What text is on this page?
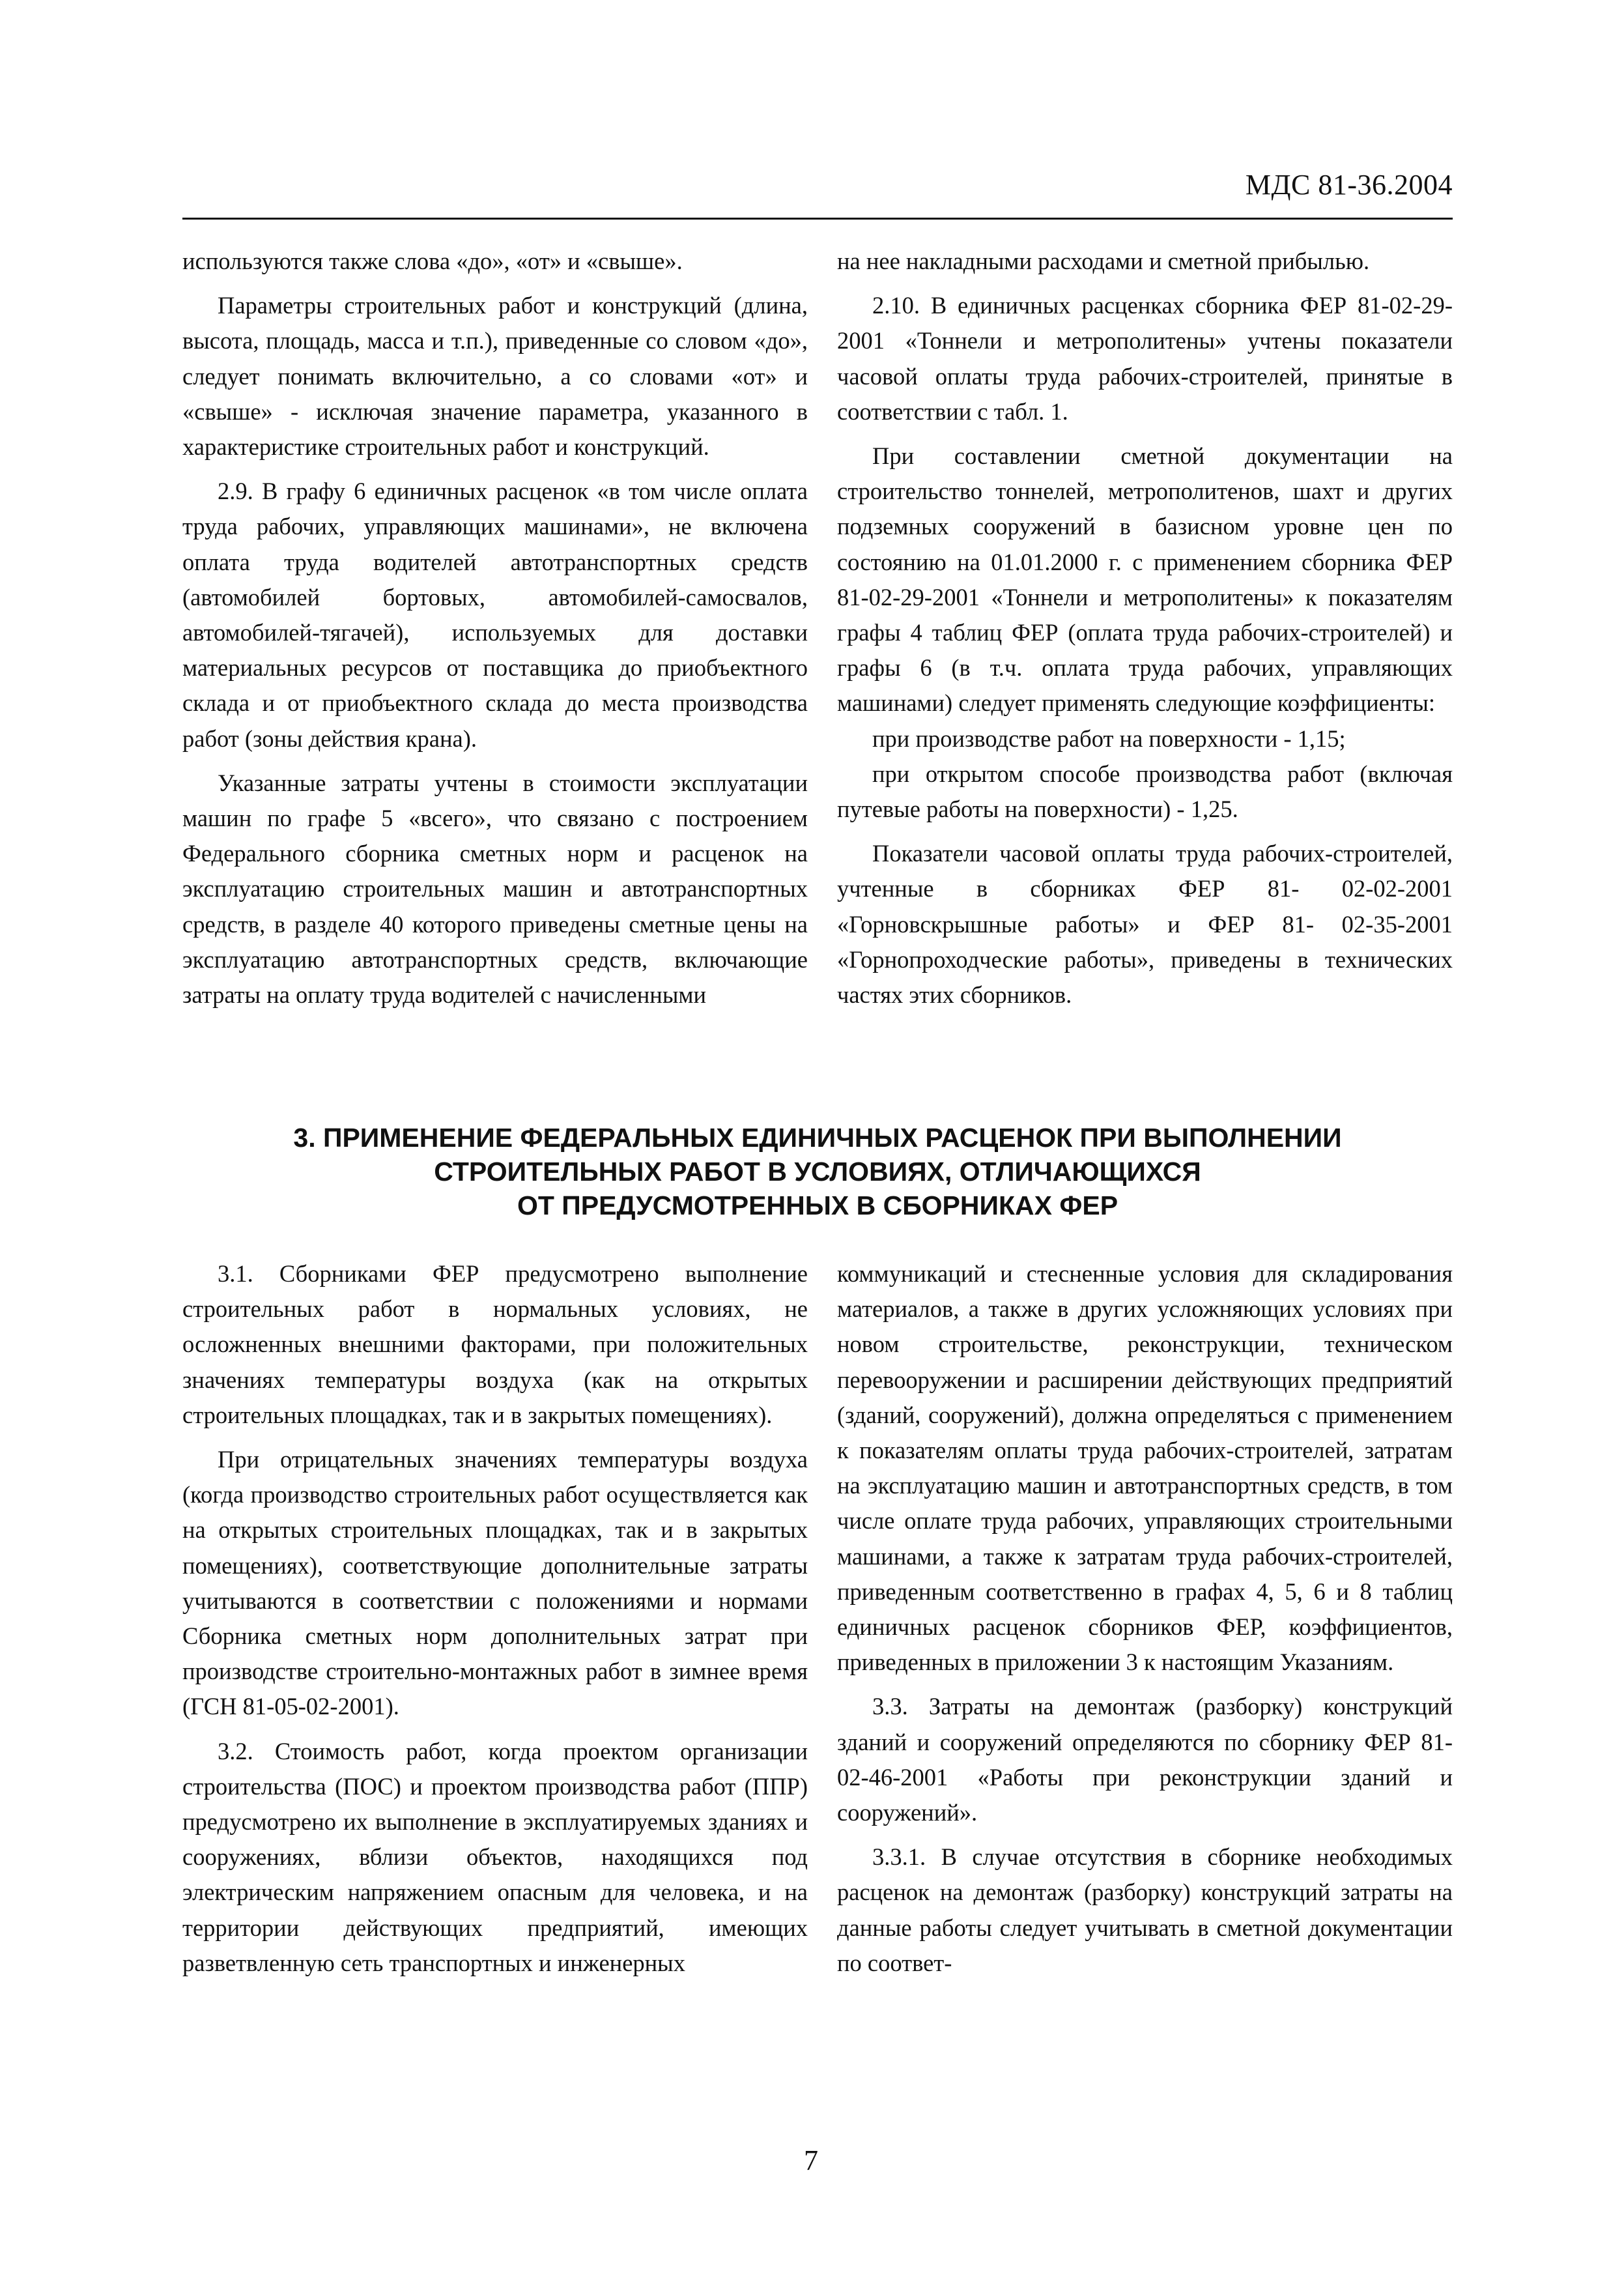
МДС 81-36.2004

используются также слова «до», «от» и «свыше».

Параметры строительных работ и конструкций (длина, высота, площадь, масса и т.п.), приведенные со словом «до», следует понимать включительно, а со словами «от» и «свыше» - исключая значение параметра, указанного в характеристике строительных работ и конструкций.

2.9. В графу 6 единичных расценок «в том числе оплата труда рабочих, управляющих машинами», не включена оплата труда водителей автотранспортных средств (автомобилей бортовых, автомобилей-самосвалов, автомобилей-тягачей), используемых для доставки материальных ресурсов от поставщика до приобъектного склада и от приобъектного склада до места производства работ (зоны действия крана).

Указанные затраты учтены в стоимости эксплуатации машин по графе 5 «всего», что связано с построением Федерального сборника сметных норм и расценок на эксплуатацию строительных машин и автотранспортных средств, в разделе 40 которого приведены сметные цены на эксплуатацию автотранспортных средств, включающие затраты на оплату труда водителей с начисленными

на нее накладными расходами и сметной прибылью.

2.10. В единичных расценках сборника ФЕР 81-02-29-2001 «Тоннели и метрополитены» учтены показатели часовой оплаты труда рабочих-строителей, принятые в соответствии с табл. 1.

При составлении сметной документации на строительство тоннелей, метрополитенов, шахт и других подземных сооружений в базисном уровне цен по состоянию на 01.01.2000 г. с применением сборника ФЕР 81-02-29-2001 «Тоннели и метрополитены» к показателям графы 4 таблиц ФЕР (оплата труда рабочих-строителей) и графы 6 (в т.ч. оплата труда рабочих, управляющих машинами) следует применять следующие коэффициенты:

при производстве работ на поверхности - 1,15;

при открытом способе производства работ (включая путевые работы на поверхности) - 1,25.

Показатели часовой оплаты труда рабочих-строителей, учтенные в сборниках ФЕР 81- 02-02-2001 «Горновскрышные работы» и ФЕР 81- 02-35-2001 «Горнопроходческие работы», приведены в технических частях этих сборников.

3. ПРИМЕНЕНИЕ ФЕДЕРАЛЬНЫХ ЕДИНИЧНЫХ РАСЦЕНОК ПРИ ВЫПОЛНЕНИИ
СТРОИТЕЛЬНЫХ РАБОТ В УСЛОВИЯХ, ОТЛИЧАЮЩИХСЯ
ОТ ПРЕДУСМОТРЕННЫХ В СБОРНИКАХ ФЕР

3.1. Сборниками ФЕР предусмотрено выполнение строительных работ в нормальных условиях, не осложненных внешними факторами, при положительных значениях температуры воздуха (как на открытых строительных площадках, так и в закрытых помещениях).

При отрицательных значениях температуры воздуха (когда производство строительных работ осуществляется как на открытых строительных площадках, так и в закрытых помещениях), соответствующие дополнительные затраты учитываются в соответствии с положениями и нормами Сборника сметных норм дополнительных затрат при производстве строительно-монтажных работ в зимнее время (ГСН 81-05-02-2001).

3.2. Стоимость работ, когда проектом организации строительства (ПОС) и проектом производства работ (ППР) предусмотрено их выполнение в эксплуатируемых зданиях и сооружениях, вблизи объектов, находящихся под электрическим напряжением опасным для человека, и на территории действующих предприятий, имеющих разветвленную сеть транспортных и инженерных

коммуникаций и стесненные условия для складирования материалов, а также в других усложняющих условиях при новом строительстве, реконструкции, техническом перевооружении и расширении действующих предприятий (зданий, сооружений), должна определяться с применением к показателям оплаты труда рабочих-строителей, затратам на эксплуатацию машин и автотранспортных средств, в том числе оплате труда рабочих, управляющих строительными машинами, а также к затратам труда рабочих-строителей, приведенным соответственно в графах 4, 5, 6 и 8 таблиц единичных расценок сборников ФЕР, коэффициентов, приведенных в приложении 3 к настоящим Указаниям.

3.3. Затраты на демонтаж (разборку) конструкций зданий и сооружений определяются по сборнику ФЕР 81-02-46-2001 «Работы при реконструкции зданий и сооружений».

3.3.1. В случае отсутствия в сборнике необходимых расценок на демонтаж (разборку) конструкций затраты на данные работы следует учитывать в сметной документации по соответ-

7
